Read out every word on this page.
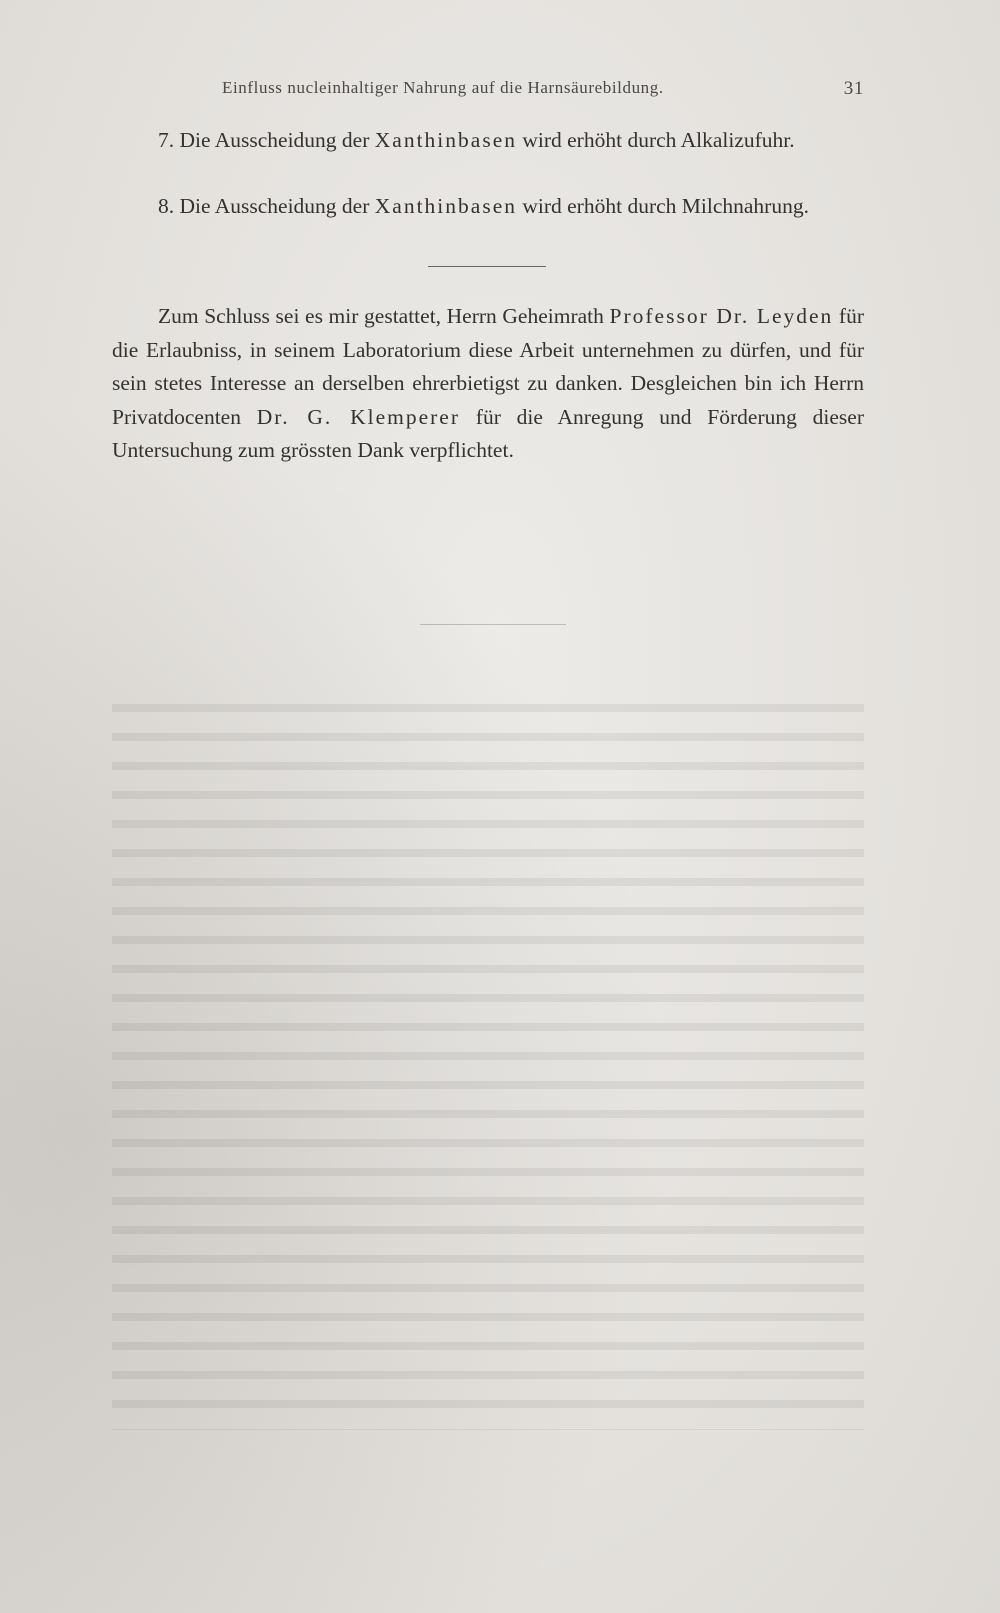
Einfluss nucleinhaltiger Nahrung auf die Harnsäurebildung.	31

7. Die Ausscheidung der Xanthinbasen wird erhöht durch Alkalizufuhr.

8. Die Ausscheidung der Xanthinbasen wird erhöht durch Milchnahrung.

Zum Schluss sei es mir gestattet, Herrn Geheimrath Professor Dr. Leyden für die Erlaubniss, in seinem Laboratorium diese Arbeit unternehmen zu dürfen, und für sein stetes Interesse an derselben ehrerbietigst zu danken. Desgleichen bin ich Herrn Privatdocenten Dr. G. Klemperer für die Anregung und Förderung dieser Untersuchung zum grössten Dank verpflichtet.
